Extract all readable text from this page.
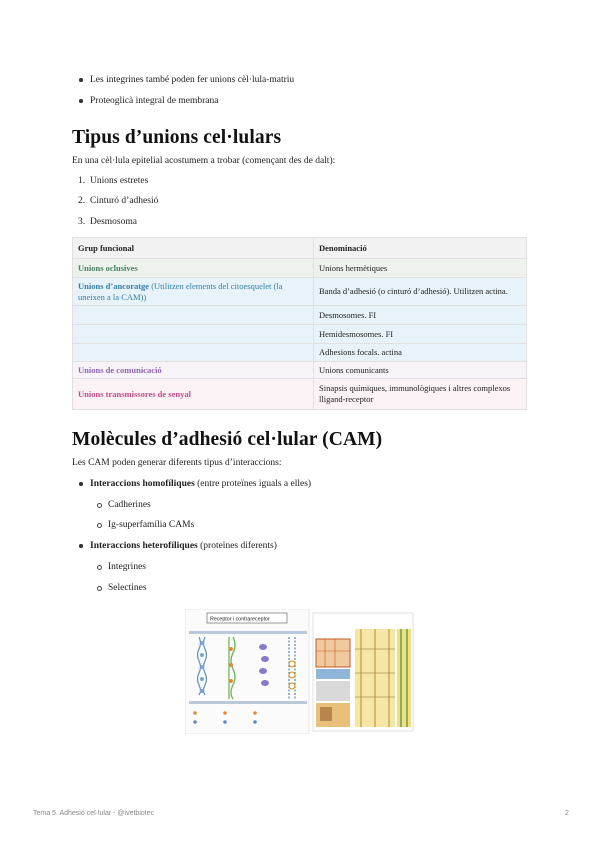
Les integrines també poden fer unions cèl·lula-matriu
Proteoglicà integral de membrana
Tipus d’unions cel·lulars
En una cèl·lula epitelial acostumem a trobar (començant des de dalt):
1. Unions estretes
2. Cinturó d’adhesió
3. Desmosoma
Grup funcional	Denominació
Unions oclusives	Unions hermètiques
Unions d’ancoratge (Utilitzen elements del citoesquelet (la uneixen a la CAM))	Banda d’adhesió (o cinturó d’adhesió). Utilitzen actina.
	Desmosomes. FI
	Hemidesmosomes. FI
	Adhesions focals. actina
Unions de comunicació	Unions comunicants
Unions transmissores de senyal	Sinapsis químiques, immunològiques i altres complexos lligand-receptor
Molècules d’adhesió cel·lular (CAM)
Les CAM poden generar diferents tipus d’interaccions:
Interaccions homofíliques (entre proteïnes iguals a elles)
Cadherines
Ig-superfamília CAMs
Interaccions heterofíliques (proteïnes diferents)
Integrines
Selectines
Receptor i contrareceptor
Tema 5. Adhesió cel·lular - @ivetbiotec	2
